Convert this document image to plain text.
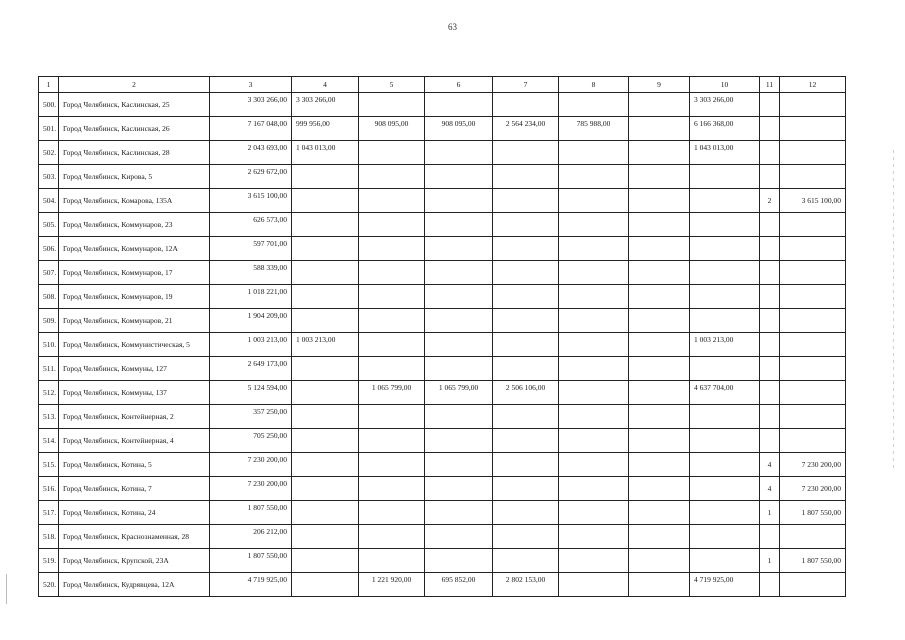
63
1	2	3	4	5	6	7	8	9	10	11	12
500.	Город Челябинск, Каслинская, 25	3 303 266,00	3 303 266,00						3 303 266,00		
501.	Город Челябинск, Каслинская, 26	7 167 048,00	999 956,00	908 095,00	908 095,00	2 564 234,00	785 988,00		6 166 368,00		
502.	Город Челябинск, Каслинская, 28	2 043 693,00	1 043 013,00						1 043 013,00		
503.	Город Челябинск, Кирова, 5	2 629 672,00									
504.	Город Челябинск, Комарова, 135А	3 615 100,00								2	3 615 100,00
505.	Город Челябинск, Коммунаров, 23	626 573,00									
506.	Город Челябинск, Коммунаров, 12А	597 701,00									
507.	Город Челябинск, Коммунаров, 17	588 339,00									
508.	Город Челябинск, Коммунаров, 19	1 018 221,00									
509.	Город Челябинск, Коммунаров, 21	1 904 209,00									
510.	Город Челябинск, Коммунистическая, 5	1 003 213,00	1 003 213,00						1 003 213,00		
511.	Город Челябинск, Коммуны, 127	2 649 173,00									
512.	Город Челябинск, Коммуны, 137	5 124 594,00		1 065 799,00	1 065 799,00	2 506 106,00			4 637 704,00		
513.	Город Челябинск, Контейнерная, 2	357 250,00									
514.	Город Челябинск, Контейнерная, 4	705 250,00									
515.	Город Челябинск, Котина, 5	7 230 200,00								4	7 230 200,00
516.	Город Челябинск, Котина, 7	7 230 200,00								4	7 230 200,00
517.	Город Челябинск, Котина, 24	1 807 550,00								1	1 807 550,00
518.	Город Челябинск, Краснознаменная, 28	206 212,00									
519.	Город Челябинск, Крупской, 23А	1 807 550,00								1	1 807 550,00
520.	Город Челябинск, Кудрявцева, 12А	4 719 925,00		1 221 920,00	695 852,00	2 802 153,00			4 719 925,00		
